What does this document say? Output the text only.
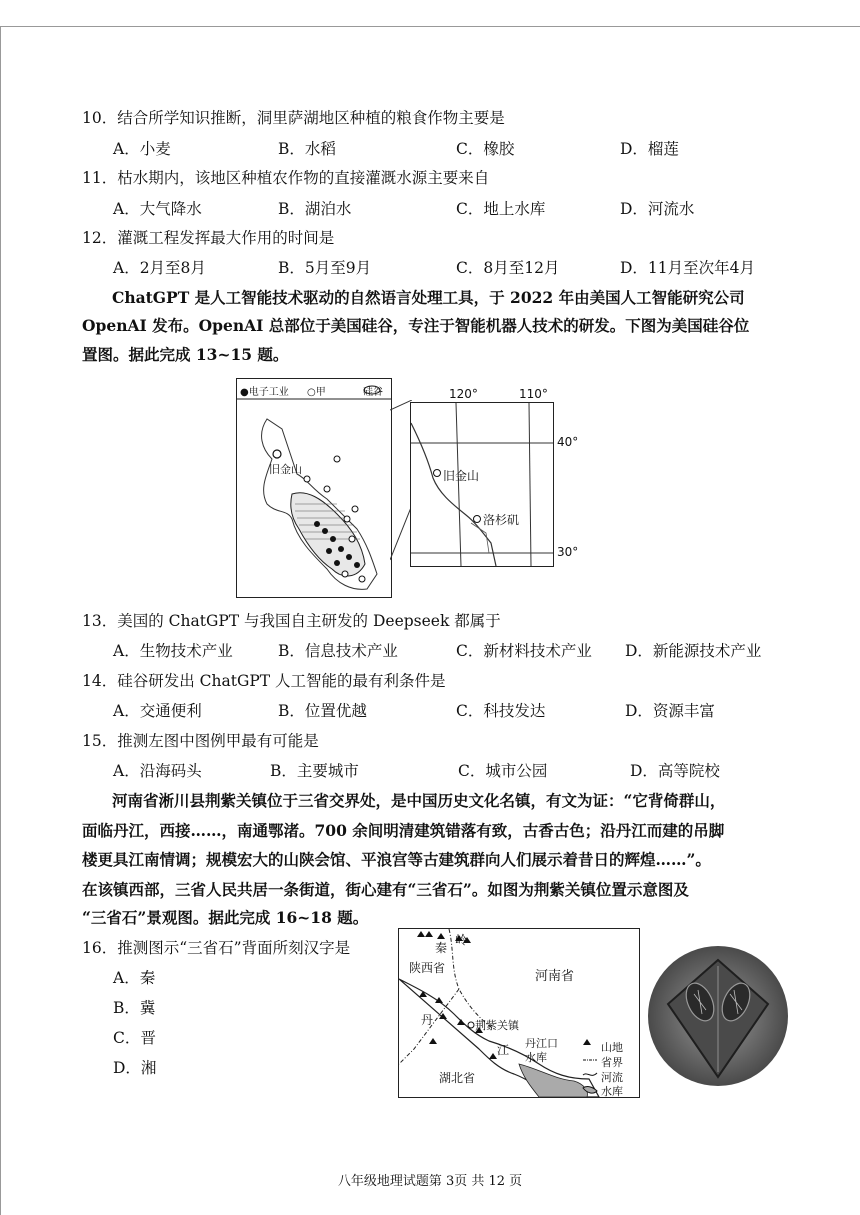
10．结合所学知识推断，洞里萨湖地区种植的粮食作物主要是
A．小麦	B．水稻	C．橡胶	D．榴莲
11．枯水期内，该地区种植农作物的直接灌溉水源主要来自
A．大气降水	B．湖泊水	C．地上水库	D．河流水
12．灌溉工程发挥最大作用的时间是
A．2月至8月	B．5月至9月	C．8月至12月	D．11月至次年4月
ChatGPT 是人工智能技术驱动的自然语言处理工具，于 2022 年由美国人工智能研究公司
OpenAI 发布。OpenAI 总部位于美国硅谷，专注于智能机器人技术的研发。下图为美国硅谷位
置图。据此完成 13~15 题。
●电子工业 ○甲	硅谷
旧金山
120°	110°
40°
30°
旧金山
洛杉矶
13．美国的 ChatGPT 与我国自主研发的 Deepseek 都属于
A．生物技术产业	B．信息技术产业	C．新材料技术产业 D．新能源技术产业
14．硅谷研发出 ChatGPT 人工智能的最有利条件是
A．交通便利	B．位置优越	C．科技发达	D．资源丰富
15．推测左图中图例甲最有可能是
A．沿海码头	B．主要城市	C．城市公园	D．高等院校
河南省淅川县荆紫关镇位于三省交界处，是中国历史文化名镇，有文为证：“它背倚群山，
面临丹江，西接……，南通鄂渚。700 余间明清建筑错落有致，古香古色；沿丹江而建的吊脚
楼更具江南情调；规模宏大的山陕会馆、平浪宫等古建筑群向人们展示着昔日的辉煌……”。
在该镇西部，三省人民共居一条街道，街心建有“三省石”。如图为荆紫关镇位置示意图及
“三省石”景观图。据此完成 16~18 题。
16．推测图示“三省石”背面所刻汉字是
A．秦
B．冀
C．晋
D．湘
秦
岭
陕西省
河南省
丹
江
荆紫关镇
丹江口
水库
湖北省
山地
省界
河流
水库
八年级地理试题第 3页 共 12 页
